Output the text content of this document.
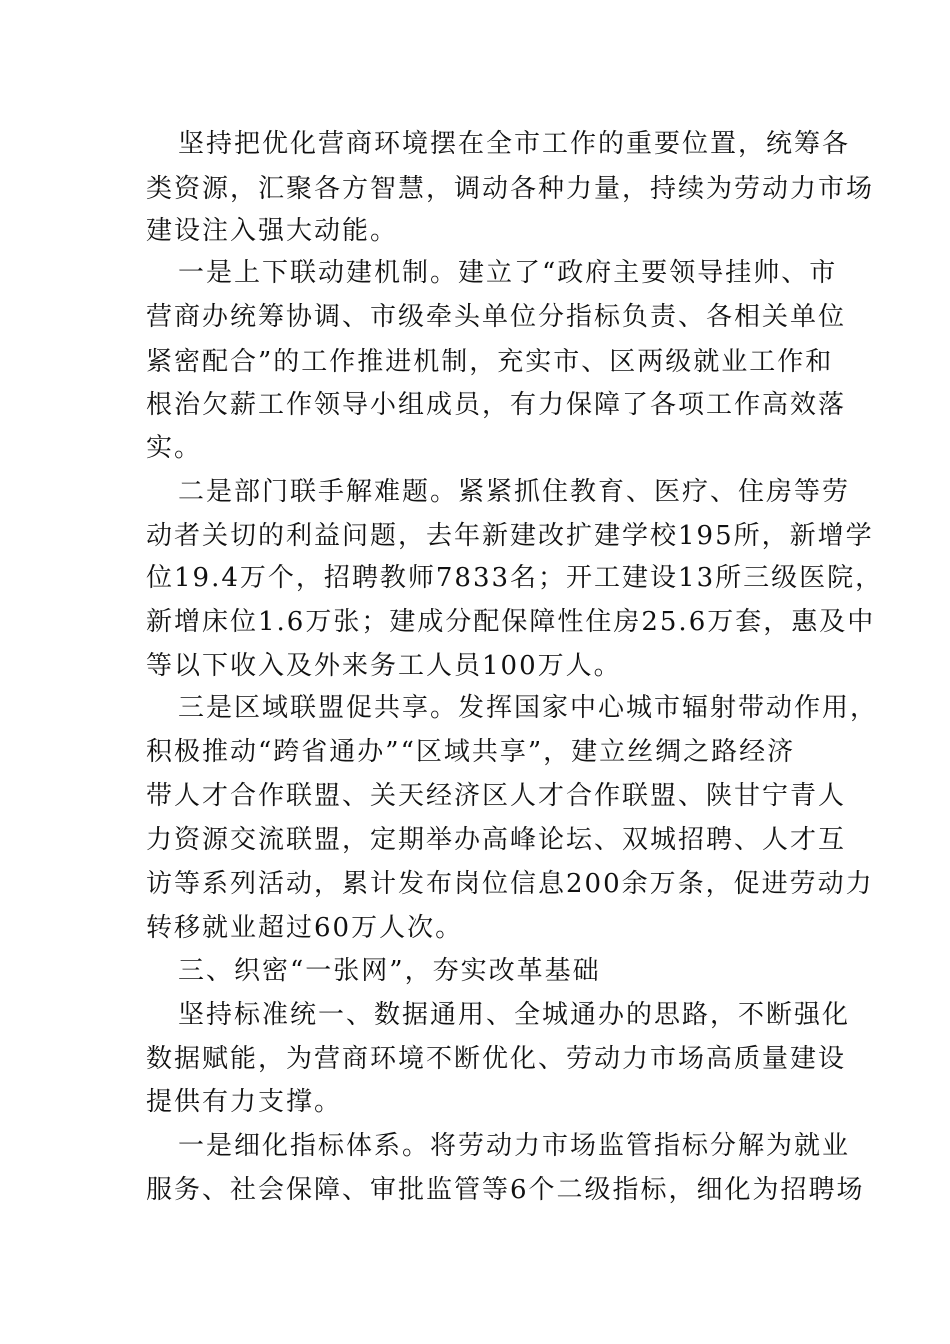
坚持把优化营商环境摆在全市工作的重要位置，统筹各
类资源，汇聚各方智慧，调动各种力量，持续为劳动力市场
建设注入强大动能。
一是上下联动建机制。建立了“政府主要领导挂帅、市
营商办统筹协调、市级牵头单位分指标负责、各相关单位
紧密配合”的工作推进机制，充实市、区两级就业工作和
根治欠薪工作领导小组成员，有力保障了各项工作高效落
实。
二是部门联手解难题。紧紧抓住教育、医疗、住房等劳
动者关切的利益问题，去年新建改扩建学校195所，新增学
位19.4万个，招聘教师7833名；开工建设13所三级医院，
新增床位1.6万张；建成分配保障性住房25.6万套，惠及中
等以下收入及外来务工人员100万人。
三是区域联盟促共享。发挥国家中心城市辐射带动作用，
积极推动“跨省通办”“区域共享”，建立丝绸之路经济
带人才合作联盟、关天经济区人才合作联盟、陕甘宁青人
力资源交流联盟，定期举办高峰论坛、双城招聘、人才互
访等系列活动，累计发布岗位信息200余万条，促进劳动力
转移就业超过60万人次。
三、织密“一张网”，夯实改革基础
坚持标准统一、数据通用、全城通办的思路，不断强化
数据赋能，为营商环境不断优化、劳动力市场高质量建设
提供有力支撑。
一是细化指标体系。将劳动力市场监管指标分解为就业
服务、社会保障、审批监管等6个二级指标，细化为招聘场
